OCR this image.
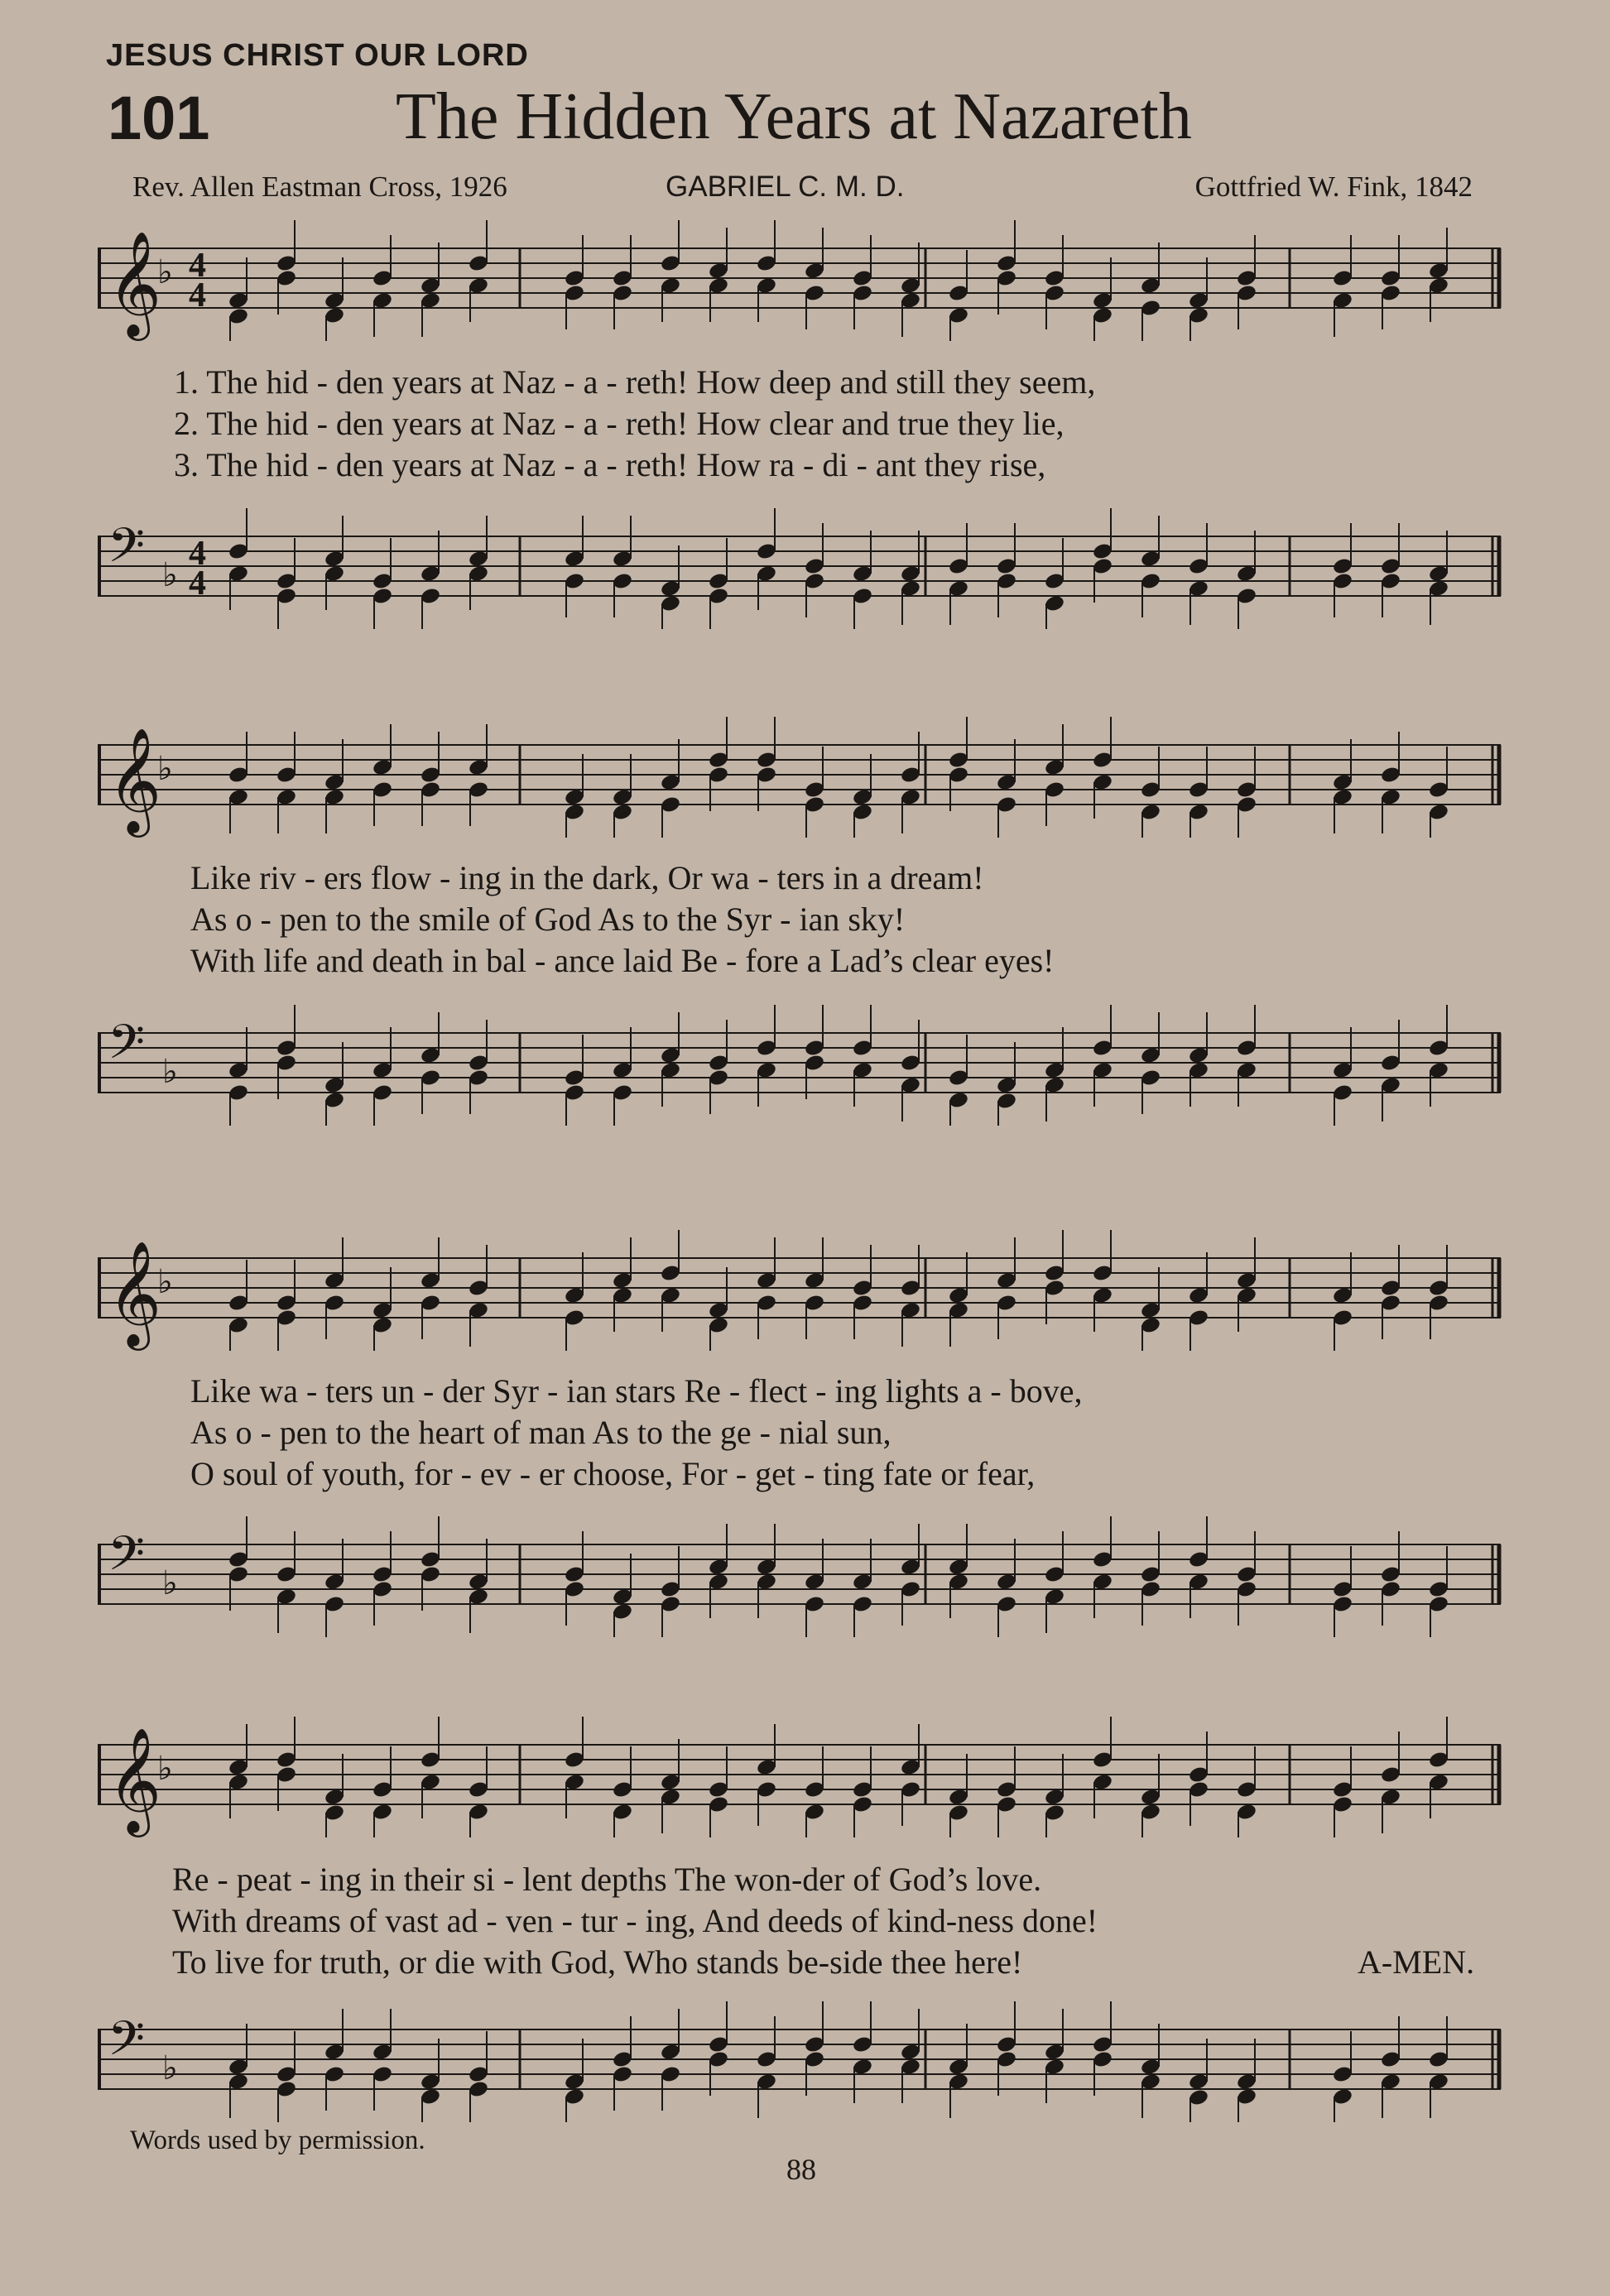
JESUS CHRIST OUR LORD
101	The Hidden Years at Nazareth
Rev. Allen Eastman Cross, 1926	GABRIEL C. M. D.	Gottfried W. Fink, 1842
𝄞
♭ 4
4
1. The hid - den years at Naz - a - reth! How deep and still they seem,
2. The hid - den years at Naz - a - reth! How clear and true they lie,
3. The hid - den years at Naz - a - reth! How ra - di - ant they rise,
𝄢 ♭
4
4
𝄞
♭
Like riv - ers flow - ing in the dark, Or wa - ters in a dream!
As o - pen to the smile of God As to the Syr - ian sky!
With life and death in bal - ance laid Be - fore a Lad’s clear eyes!
𝄢 ♭
𝄞
♭
Like wa - ters un - der Syr - ian stars Re - flect - ing lights a - bove,
As o - pen to the heart of man As to the ge - nial sun,
O soul of youth, for - ev - er choose, For - get - ting fate or fear,
𝄢 ♭
𝄞
♭
Re - peat - ing in their si - lent depths The won-der of God’s love.
With dreams of vast ad - ven - tur - ing, And deeds of kind-ness done!
To live for truth, or die with God, Who stands be-side thee here!	A-MEN.
𝄢 ♭
Words used by permission.
88
